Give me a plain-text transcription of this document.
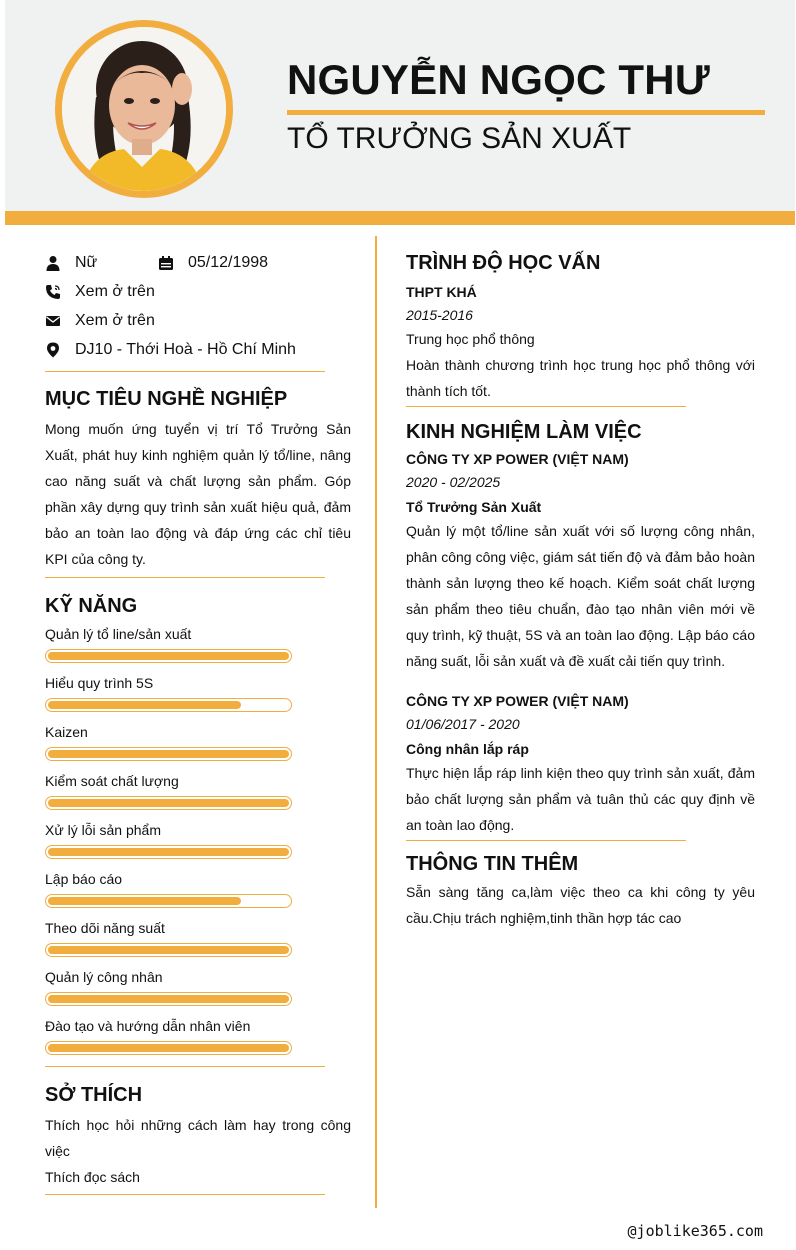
NGUYỄN NGỌC THƯ
TỔ TRƯỞNG SẢN XUẤT
Nữ	05/12/1998
Xem ở trên
Xem ở trên
DJ10 - Thới Hoà - Hồ Chí Minh
MỤC TIÊU NGHỀ NGHIỆP
Mong muốn ứng tuyển vị trí Tổ Trưởng Sản Xuất, phát huy kinh nghiệm quản lý tổ/line, nâng cao năng suất và chất lượng sản phẩm. Góp phần xây dựng quy trình sản xuất hiệu quả, đảm bảo an toàn lao động và đáp ứng các chỉ tiêu KPI của công ty.
KỸ NĂNG
Quản lý tổ line/sản xuất
Hiểu quy trình 5S
Kaizen
Kiểm soát chất lượng
Xử lý lỗi sản phẩm
Lập báo cáo
Theo dõi năng suất
Quản lý công nhân
Đào tạo và hướng dẫn nhân viên
SỞ THÍCH
Thích học hỏi những cách làm hay trong công việc
Thích đọc sách
TRÌNH ĐỘ HỌC VẤN
THPT KHÁ
2015-2016
Trung học phổ thông
Hoàn thành chương trình học trung học phổ thông với thành tích tốt.
KINH NGHIỆM LÀM VIỆC
CÔNG TY XP POWER (VIỆT NAM)
2020 - 02/2025
Tổ Trưởng Sản Xuất
Quản lý một tổ/line sản xuất với số lượng công nhân, phân công công việc, giám sát tiến độ và đảm bảo hoàn thành sản lượng theo kế hoạch. Kiểm soát chất lượng sản phẩm theo tiêu chuẩn, đào tạo nhân viên mới về quy trình, kỹ thuật, 5S và an toàn lao động. Lập báo cáo năng suất, lỗi sản xuất và đề xuất cải tiến quy trình.
CÔNG TY XP POWER (VIỆT NAM)
01/06/2017 - 2020
Công nhân lắp ráp
Thực hiện lắp ráp linh kiện theo quy trình sản xuất, đảm bảo chất lượng sản phẩm và tuân thủ các quy định về an toàn lao động.
THÔNG TIN THÊM
Sẵn sàng tăng ca,làm việc theo ca khi công ty yêu cầu.Chịu trách nghiệm,tinh thần hợp tác cao
@joblike365.com
